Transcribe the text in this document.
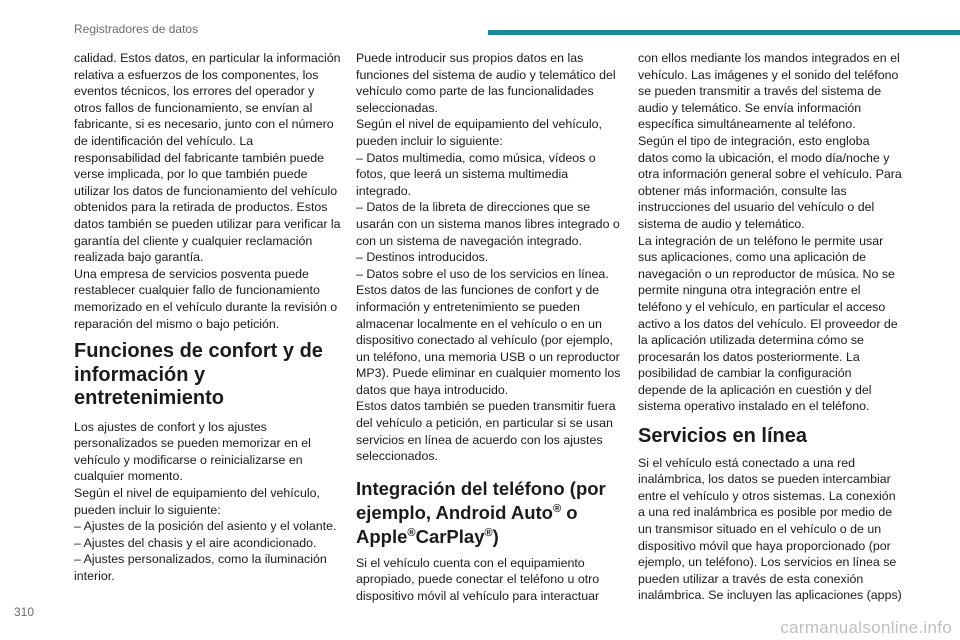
Registradores de datos

calidad. Estos datos, en particular la información relativa a esfuerzos de los componentes, los eventos técnicos, los errores del operador y otros fallos de funcionamiento, se envían al fabricante, si es necesario, junto con el número de identificación del vehículo. La responsabilidad del fabricante también puede verse implicada, por lo que también puede utilizar los datos de funcionamiento del vehículo obtenidos para la retirada de productos. Estos datos también se pueden utilizar para verificar la garantía del cliente y cualquier reclamación realizada bajo garantía.

Una empresa de servicios posventa puede restablecer cualquier fallo de funcionamiento memorizado en el vehículo durante la revisión o reparación del mismo o bajo petición.

Funciones de confort y de información y entretenimiento

Los ajustes de confort y los ajustes personalizados se pueden memorizar en el vehículo y modificarse o reinicializarse en cualquier momento.

Según el nivel de equipamiento del vehículo, pueden incluir lo siguiente:

– Ajustes de la posición del asiento y el volante.

– Ajustes del chasis y el aire acondicionado.

– Ajustes personalizados, como la iluminación interior.

Puede introducir sus propios datos en las funciones del sistema de audio y telemático del vehículo como parte de las funcionalidades seleccionadas.

Según el nivel de equipamiento del vehículo, pueden incluir lo siguiente:

– Datos multimedia, como música, vídeos o fotos, que leerá un sistema multimedia integrado.

– Datos de la libreta de direcciones que se usarán con un sistema manos libres integrado o con un sistema de navegación integrado.

– Destinos introducidos.

– Datos sobre el uso de los servicios en línea.

Estos datos de las funciones de confort y de información y entretenimiento se pueden almacenar localmente en el vehículo o en un dispositivo conectado al vehículo (por ejemplo, un teléfono, una memoria USB o un reproductor MP3). Puede eliminar en cualquier momento los datos que haya introducido.

Estos datos también se pueden transmitir fuera del vehículo a petición, en particular si se usan servicios en línea de acuerdo con los ajustes seleccionados.

Integración del teléfono (por ejemplo, Android Auto® o Apple®CarPlay®)

Si el vehículo cuenta con el equipamiento apropiado, puede conectar el teléfono u otro dispositivo móvil al vehículo para interactuar

con ellos mediante los mandos integrados en el vehículo. Las imágenes y el sonido del teléfono se pueden transmitir a través del sistema de audio y telemático. Se envía información específica simultáneamente al teléfono.

Según el tipo de integración, esto engloba datos como la ubicación, el modo día/noche y otra información general sobre el vehículo. Para obtener más información, consulte las instrucciones del usuario del vehículo o del sistema de audio y telemático.

La integración de un teléfono le permite usar sus aplicaciones, como una aplicación de navegación o un reproductor de música. No se permite ninguna otra integración entre el teléfono y el vehículo, en particular el acceso activo a los datos del vehículo. El proveedor de la aplicación utilizada determina cómo se procesarán los datos posteriormente. La posibilidad de cambiar la configuración depende de la aplicación en cuestión y del sistema operativo instalado en el teléfono.

Servicios en línea

Si el vehículo está conectado a una red inalámbrica, los datos se pueden intercambiar entre el vehículo y otros sistemas. La conexión a una red inalámbrica es posible por medio de un transmisor situado en el vehículo o de un dispositivo móvil que haya proporcionado (por ejemplo, un teléfono). Los servicios en línea se pueden utilizar a través de esta conexión inalámbrica. Se incluyen las aplicaciones (apps)

310

carmanualsonline.info
